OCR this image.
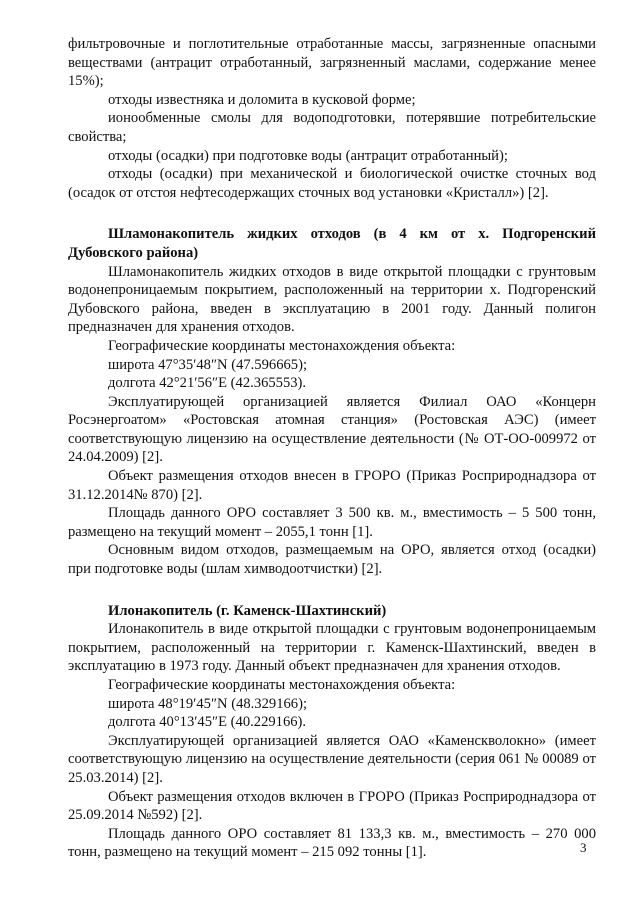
фильтровочные и поглотительные отработанные массы, загрязненные опасными веществами (антрацит отработанный, загрязненный маслами, содержание менее 15%);

отходы известняка и доломита в кусковой форме;

ионообменные смолы для водоподготовки, потерявшие потребительские свойства;

отходы (осадки) при подготовке воды (антрацит отработанный);

отходы (осадки) при механической и биологической очистке сточных вод (осадок от отстоя нефтесодержащих сточных вод установки «Кристалл») [2].

Шламонакопитель жидких отходов (в 4 км от х. Подгоренский Дубовского района)

Шламонакопитель жидких отходов в виде открытой площадки с грунтовым водонепроницаемым покрытием, расположенный на территории х. Подгоренский Дубовского района, введен в эксплуатацию в 2001 году. Данный полигон предназначен для хранения отходов.

Географические координаты местонахождения объекта:

широта 47°35′48″N (47.596665);

долгота 42°21′56″E (42.365553).

Эксплуатирующей организацией является Филиал ОАО «Концерн Росэнергоатом» «Ростовская атомная станция» (Ростовская АЭС) (имеет соответствующую лицензию на осуществление деятельности (№ ОТ-ОО-009972 от 24.04.2009) [2].

Объект размещения отходов внесен в ГРОРО (Приказ Росприроднадзора от 31.12.2014№ 870) [2].

Площадь данного ОРО составляет 3 500 кв. м., вместимость – 5 500 тонн, размещено на текущий момент – 2055,1 тонн [1].

Основным видом отходов, размещаемым на ОРО, является отход (осадки) при подготовке воды (шлам химводоотчистки) [2].

Илонакопитель (г. Каменск-Шахтинский)

Илонакопитель в виде открытой площадки с грунтовым водонепроницаемым покрытием, расположенный на территории г. Каменск-Шахтинский, введен в эксплуатацию в 1973 году. Данный объект предназначен для хранения отходов.

Географические координаты местонахождения объекта:

широта 48°19′45″N (48.329166);

долгота 40°13′45″E (40.229166).

Эксплуатирующей организацией является ОАО «Каменскволокно» (имеет соответствующую лицензию на осуществление деятельности (серия 061 № 00089 от 25.03.2014) [2].

Объект размещения отходов включен в ГРОРО (Приказ Росприроднадзора от 25.09.2014 №592) [2].

Площадь данного ОРО составляет 81 133,3 кв. м., вместимость – 270 000 тонн, размещено на текущий момент – 215 092 тонны [1].	3
